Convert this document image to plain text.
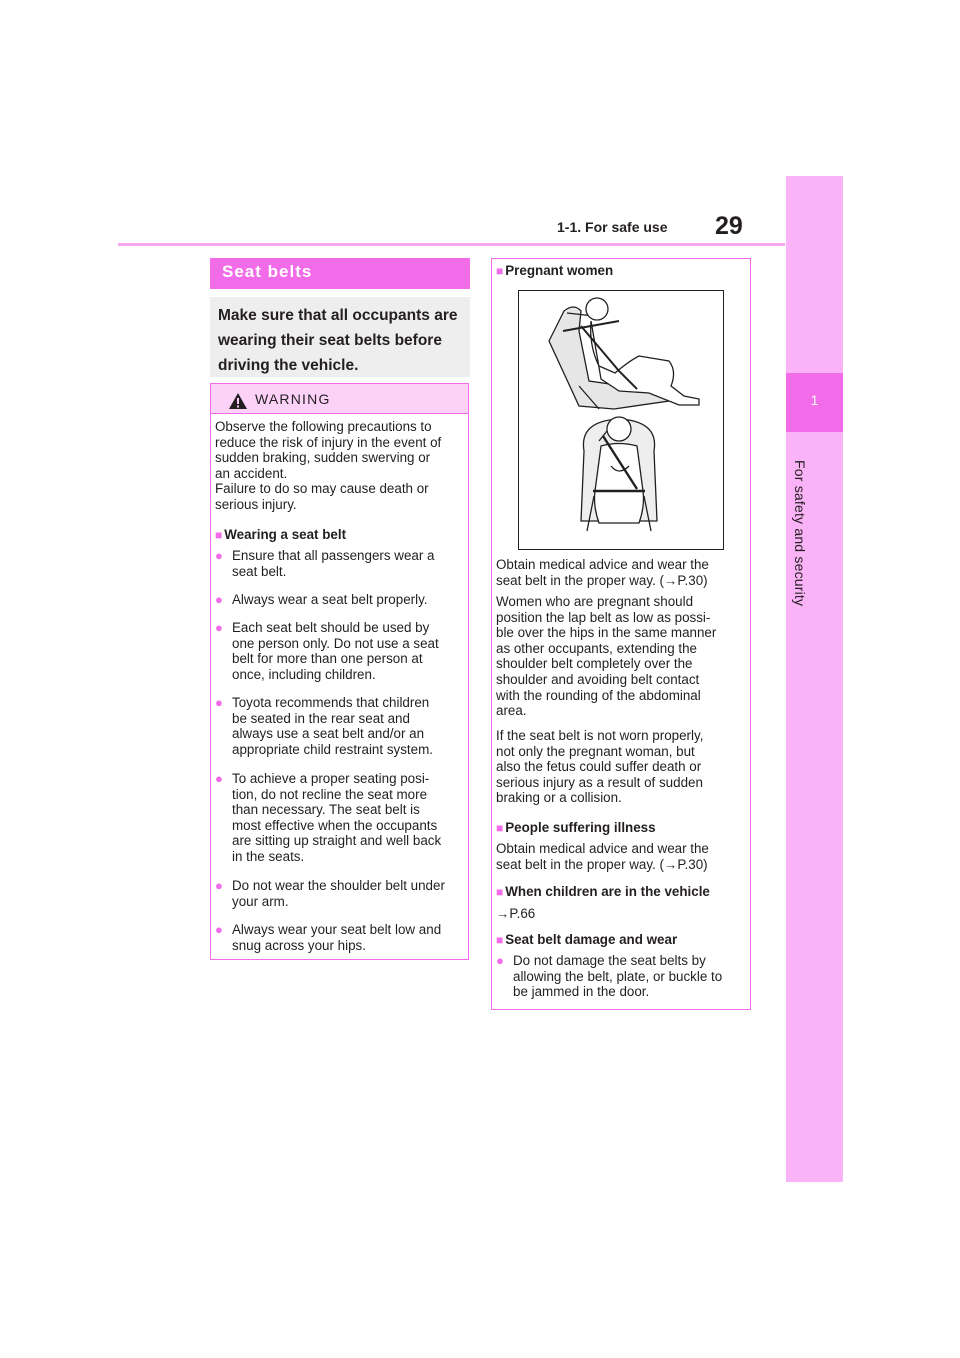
1-1. For safe use 29
1
For safety and security
Seat belts
Make sure that all occupants are wearing their seat belts before driving the vehicle.
WARNING
Observe the following precautions to
reduce the risk of injury in the event of
sudden braking, sudden swerving or
an accident.
Failure to do so may cause death or
serious injury.
■ Wearing a seat belt
● Ensure that all passengers wear a
seat belt.
● Always wear a seat belt properly.
● Each seat belt should be used by
one person only. Do not use a seat
belt for more than one person at
once, including children.
● Toyota recommends that children
be seated in the rear seat and
always use a seat belt and/or an
appropriate child restraint system.
● To achieve a proper seating posi-
tion, do not recline the seat more
than necessary. The seat belt is
most effective when the occupants
are sitting up straight and well back
in the seats.
● Do not wear the shoulder belt under
your arm.
● Always wear your seat belt low and
snug across your hips.
■ Pregnant women
Obtain medical advice and wear the
seat belt in the proper way. (→P.30)
Women who are pregnant should
position the lap belt as low as possi-
ble over the hips in the same manner
as other occupants, extending the
shoulder belt completely over the
shoulder and avoiding belt contact
with the rounding of the abdominal
area.
If the seat belt is not worn properly,
not only the pregnant woman, but
also the fetus could suffer death or
serious injury as a result of sudden
braking or a collision.
■ People suffering illness
Obtain medical advice and wear the
seat belt in the proper way. (→P.30)
■ When children are in the vehicle
→P.66
■ Seat belt damage and wear
● Do not damage the seat belts by
allowing the belt, plate, or buckle to
be jammed in the door.
